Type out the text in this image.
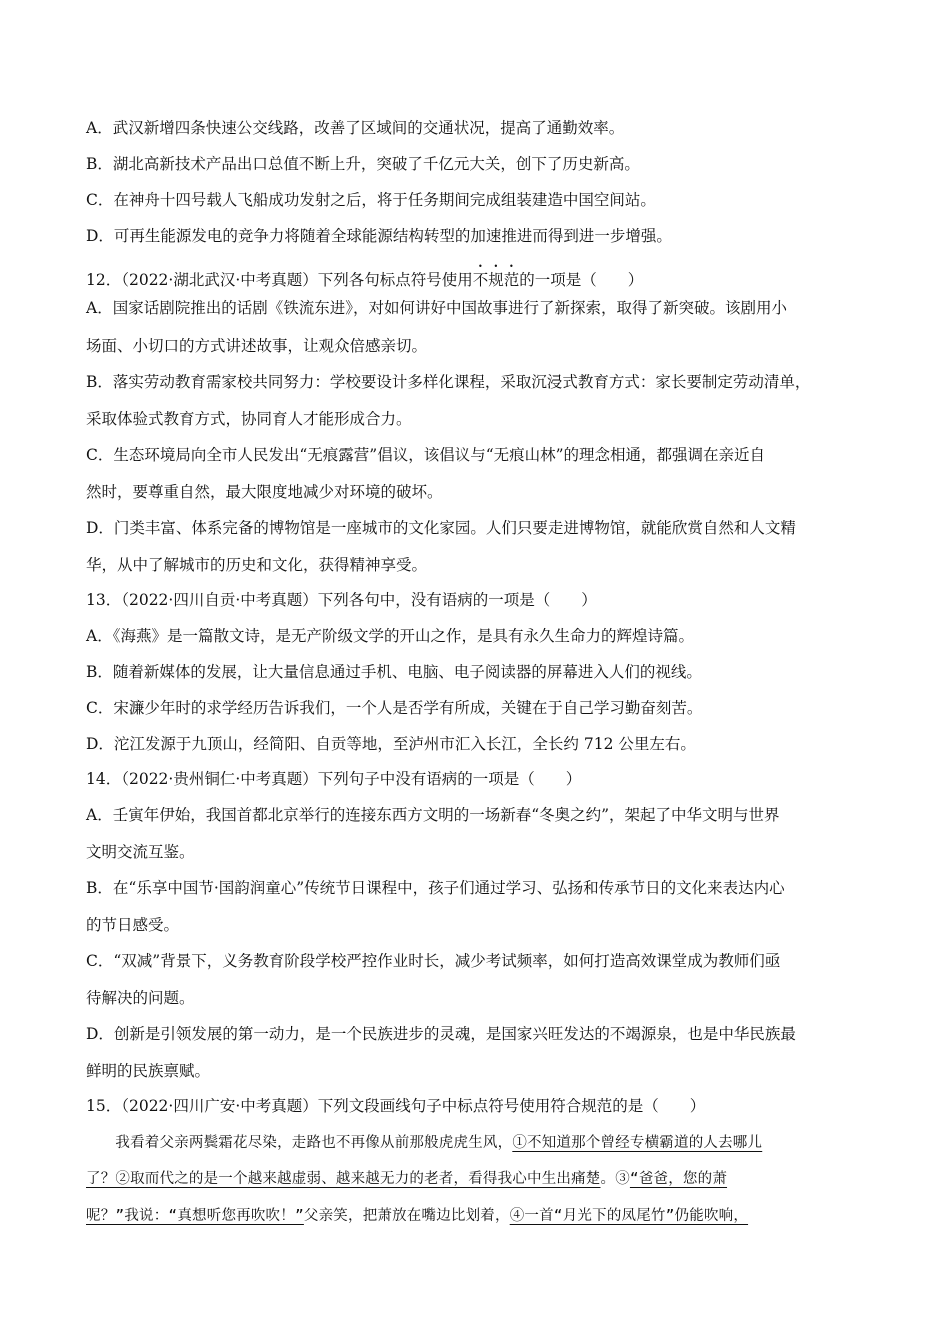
A．武汉新增四条快速公交线路，改善了区域间的交通状况，提高了通勤效率。
B．湖北高新技术产品出口总值不断上升，突破了千亿元大关，创下了历史新高。
C．在神舟十四号载人飞船成功发射之后，将于任务期间完成组装建造中国空间站。
D．可再生能源发电的竞争力将随着全球能源结构转型的加速推进而得到进一步增强。
12．（2022·湖北武汉·中考真题）下列各句标点符号使用不规范的一项是（　　）
A．国家话剧院推出的话剧《铁流东进》，对如何讲好中国故事进行了新探索，取得了新突破。该剧用小
场面、小切口的方式讲述故事，让观众倍感亲切。
B．落实劳动教育需家校共同努力：学校要设计多样化课程，采取沉浸式教育方式：家长要制定劳动清单，
采取体验式教育方式，协同育人才能形成合力。
C．生态环境局向全市人民发出“无痕露营”倡议，该倡议与“无痕山林”的理念相通，都强调在亲近自
然时，要尊重自然，最大限度地减少对环境的破坏。
D．门类丰富、体系完备的博物馆是一座城市的文化家园。人们只要走进博物馆，就能欣赏自然和人文精
华，从中了解城市的历史和文化，获得精神享受。
13．（2022·四川自贡·中考真题）下列各句中，没有语病的一项是（　　）
A．《海燕》是一篇散文诗，是无产阶级文学的开山之作，是具有永久生命力的辉煌诗篇。
B．随着新媒体的发展，让大量信息通过手机、电脑、电子阅读器的屏幕进入人们的视线。
C．宋濂少年时的求学经历告诉我们，一个人是否学有所成，关键在于自己学习勤奋刻苦。
D．沱江发源于九顶山，经简阳、自贡等地，至泸州市汇入长江，全长约 712 公里左右。
14．（2022·贵州铜仁·中考真题）下列句子中没有语病的一项是（　　）
A．壬寅年伊始，我国首都北京举行的连接东西方文明的一场新春“冬奥之约”，架起了中华文明与世界
文明交流互鉴。
B．在“乐享中国节·国韵润童心”传统节日课程中，孩子们通过学习、弘扬和传承节日的文化来表达内心
的节日感受。
C．“双减”背景下，义务教育阶段学校严控作业时长，减少考试频率，如何打造高效课堂成为教师们亟
待解决的问题。
D．创新是引领发展的第一动力，是一个民族进步的灵魂，是国家兴旺发达的不竭源泉，也是中华民族最
鲜明的民族禀赋。
15．（2022·四川广安·中考真题）下列文段画线句子中标点符号使用符合规范的是（　　）
　　我看着父亲两鬓霜花尽染，走路也不再像从前那般虎虎生风，①不知道那个曾经专横霸道的人去哪儿
了？②取而代之的是一个越来越虚弱、越来越无力的老者，看得我心中生出痛楚。③“爸爸，您的萧
呢？”我说：“真想听您再吹吹！”父亲笑，把萧放在嘴边比划着，④一首“月光下的凤尾竹”仍能吹响，
